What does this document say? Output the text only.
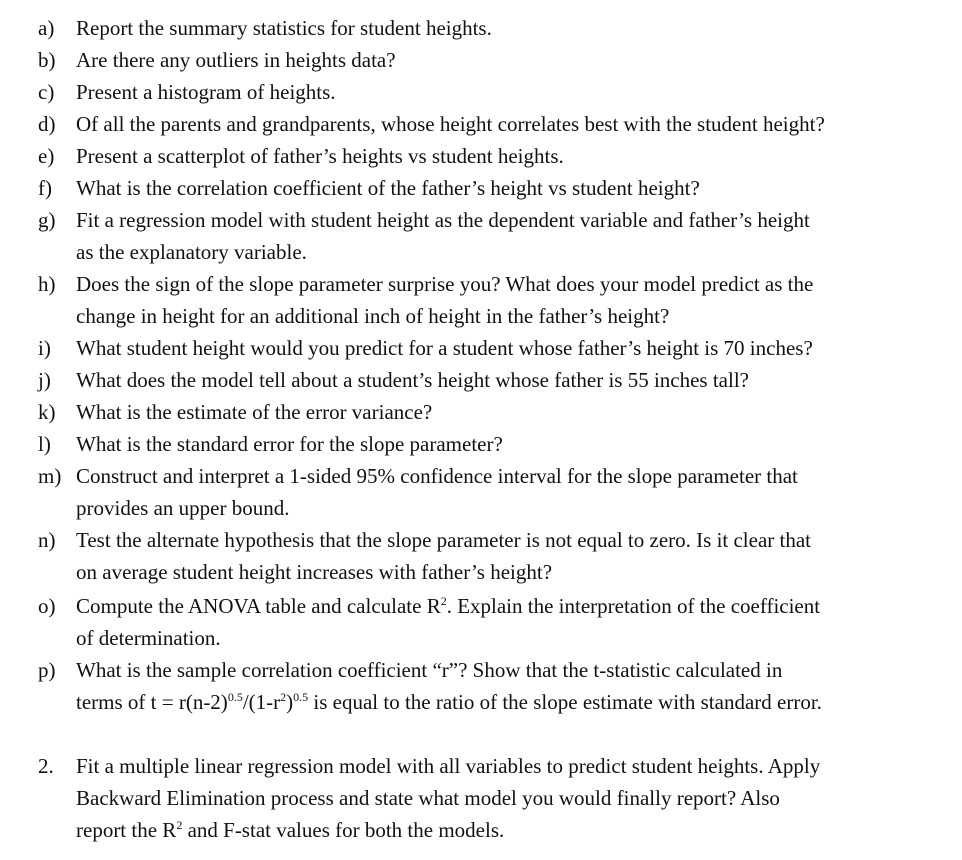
a) Report the summary statistics for student heights.
b) Are there any outliers in heights data?
c) Present a histogram of heights.
d) Of all the parents and grandparents, whose height correlates best with the student height?
e) Present a scatterplot of father’s heights vs student heights.
f) What is the correlation coefficient of the father’s height vs student height?
g) Fit a regression model with student height as the dependent variable and father’s height
as the explanatory variable.
h) Does the sign of the slope parameter surprise you? What does your model predict as the
change in height for an additional inch of height in the father’s height?
i) What student height would you predict for a student whose father’s height is 70 inches?
j) What does the model tell about a student’s height whose father is 55 inches tall?
k) What is the estimate of the error variance?
l) What is the standard error for the slope parameter?
m) Construct and interpret a 1-sided 95% confidence interval for the slope parameter that
provides an upper bound.
n) Test the alternate hypothesis that the slope parameter is not equal to zero. Is it clear that
on average student height increases with father’s height?
o) Compute the ANOVA table and calculate $R^2$. Explain the interpretation of the coefficient
of determination.
p) What is the sample correlation coefficient “r”? Show that the t-statistic calculated in
terms of $t = r(n-2)^{0.5}/(1-r^2)^{0.5}$ is equal to the ratio of the slope estimate with standard error.
2. Fit a multiple linear regression model with all variables to predict student heights. Apply
Backward Elimination process and state what model you would finally report? Also
report the $R^2$ and F-stat values for both the models.
